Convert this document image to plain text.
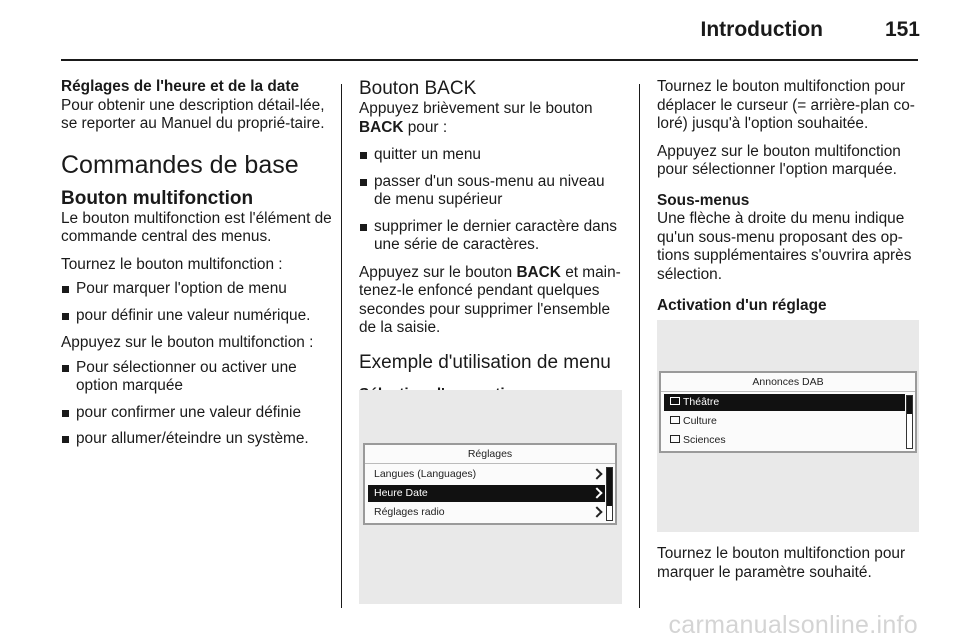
Introduction	151

Réglages de l'heure et de la date
Pour obtenir une description détail-lée, se reporter au Manuel du proprié-taire.

Commandes de base
Bouton multifonction

Le bouton multifonction est l'élément de commande central des menus.

Tournez le bouton multifonction :

Pour marquer l'option de menu
pour définir une valeur numérique.

Appuyez sur le bouton multifonction :

Pour sélectionner ou activer une option marquée
pour confirmer une valeur définie
pour allumer/éteindre un système.
Bouton BACK

Appuyez brièvement sur le bouton BACK pour :

quitter un menu
passer d'un sous-menu au niveau de menu supérieur
supprimer le dernier caractère dans une série de caractères.

Appuyez sur le bouton BACK et main-tenez-le enfoncé pendant quelques secondes pour supprimer l'ensemble de la saisie.

Exemple d'utilisation de menu
Réglages
Langues (Languages)
Heure Date
Réglages radio

Tournez le bouton multifonction pour déplacer le curseur (= arrière-plan co-loré) jusqu'à l'option souhaitée.

Appuyez sur le bouton multifonction pour sélectionner l'option marquée.

Sous-menus
Une flèche à droite du menu indique qu'un sous-menu proposant des op-tions supplémentaires s'ouvrira après sélection.

Activation d'un réglage
Annonces DAB
Théâtre
Culture
Sciences

Tournez le bouton multifonction pour marquer le paramètre souhaité.

carmanualsonline.info
